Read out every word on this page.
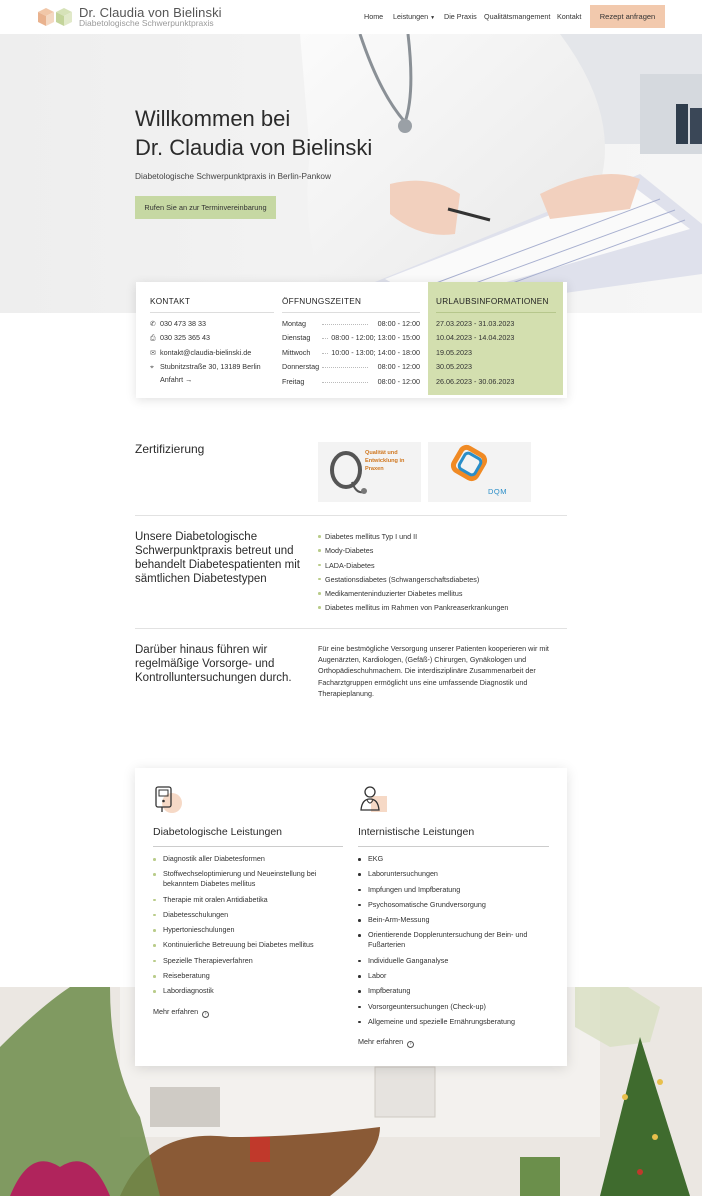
Dr. Claudia von Bielinski
Diabetologische Schwerpunktpraxis
Home Leistungen ▼ Die Praxis Qualitätsmangement Kontakt	Rezept anfragen
Willkommen bei
Dr. Claudia von Bielinski
Diabetologische Schwerpunktpraxis in Berlin-Pankow
Rufen Sie an zur Terminvereinbarung
KONTAKT
✆ 030 473 38 33
⎙ 030 325 365 43
✉ kontakt@claudia-bielinski.de
⌖ Stubnitzstraße 30, 13189 Berlin
Anfahrt →
ÖFFNUNGSZEITEN
Montag	08:00 - 12:00
Dienstag	08:00 - 12:00; 13:00 - 15:00
Mittwoch	10:00 - 13:00; 14:00 - 18:00
Donnerstag	08:00 - 12:00
Freitag	08:00 - 12:00
URLAUBSINFORMATIONEN
27.03.2023 - 31.03.2023
10.04.2023 - 14.04.2023
19.05.2023
30.05.2023
26.06.2023 - 30.06.2023
Zertifizierung	Qualität und Entwicklung in Praxen
DQM
Unsere Diabetologische Schwerpunktpraxis betreut und behandelt Diabetespatienten mit sämtlichen Diabetestypen
Diabetes mellitus Typ I und II
Mody-Diabetes
LADA-Diabetes
Gestationsdiabetes (Schwangerschaftsdiabetes)
Medikamenteninduzierter Diabetes mellitus
Diabetes mellitus im Rahmen von Pankreaserkrankungen
Darüber hinaus führen wir regelmäßige Vorsorge- und Kontrolluntersuchungen durch.
Für eine bestmögliche Versorgung unserer Patienten kooperieren wir mit Augenärzten, Kardiologen, (Gefäß-) Chirurgen, Gynäkologen und Orthopädieschuhmachern. Die interdisziplinäre Zusammenarbeit der Facharztgruppen ermöglicht uns eine umfassende Diagnostik und Therapieplanung.
Diabetologische Leistungen
Diagnostik aller Diabetesformen
Stoffwechseloptimierung und Neueinstellung bei bekanntem Diabetes mellitus
Therapie mit oralen Antidiabetika
Diabetesschulungen
Hypertonieschulungen
Kontinuierliche Betreuung bei Diabetes mellitus
Spezielle Therapieverfahren
Reiseberatung
Labordiagnostik
Mehr erfahren ›
Internistische Leistungen
EKG
Laboruntersuchungen
Impfungen und Impfberatung
Psychosomatische Grundversorgung
Bein-Arm-Messung
Orientierende Doppleruntersuchung der Bein- und Fußarterien
Individuelle Ganganalyse
Labor
Impfberatung
Vorsorgeuntersuchungen (Check-up)
Allgemeine und spezielle Ernährungsberatung
Mehr erfahren ›
